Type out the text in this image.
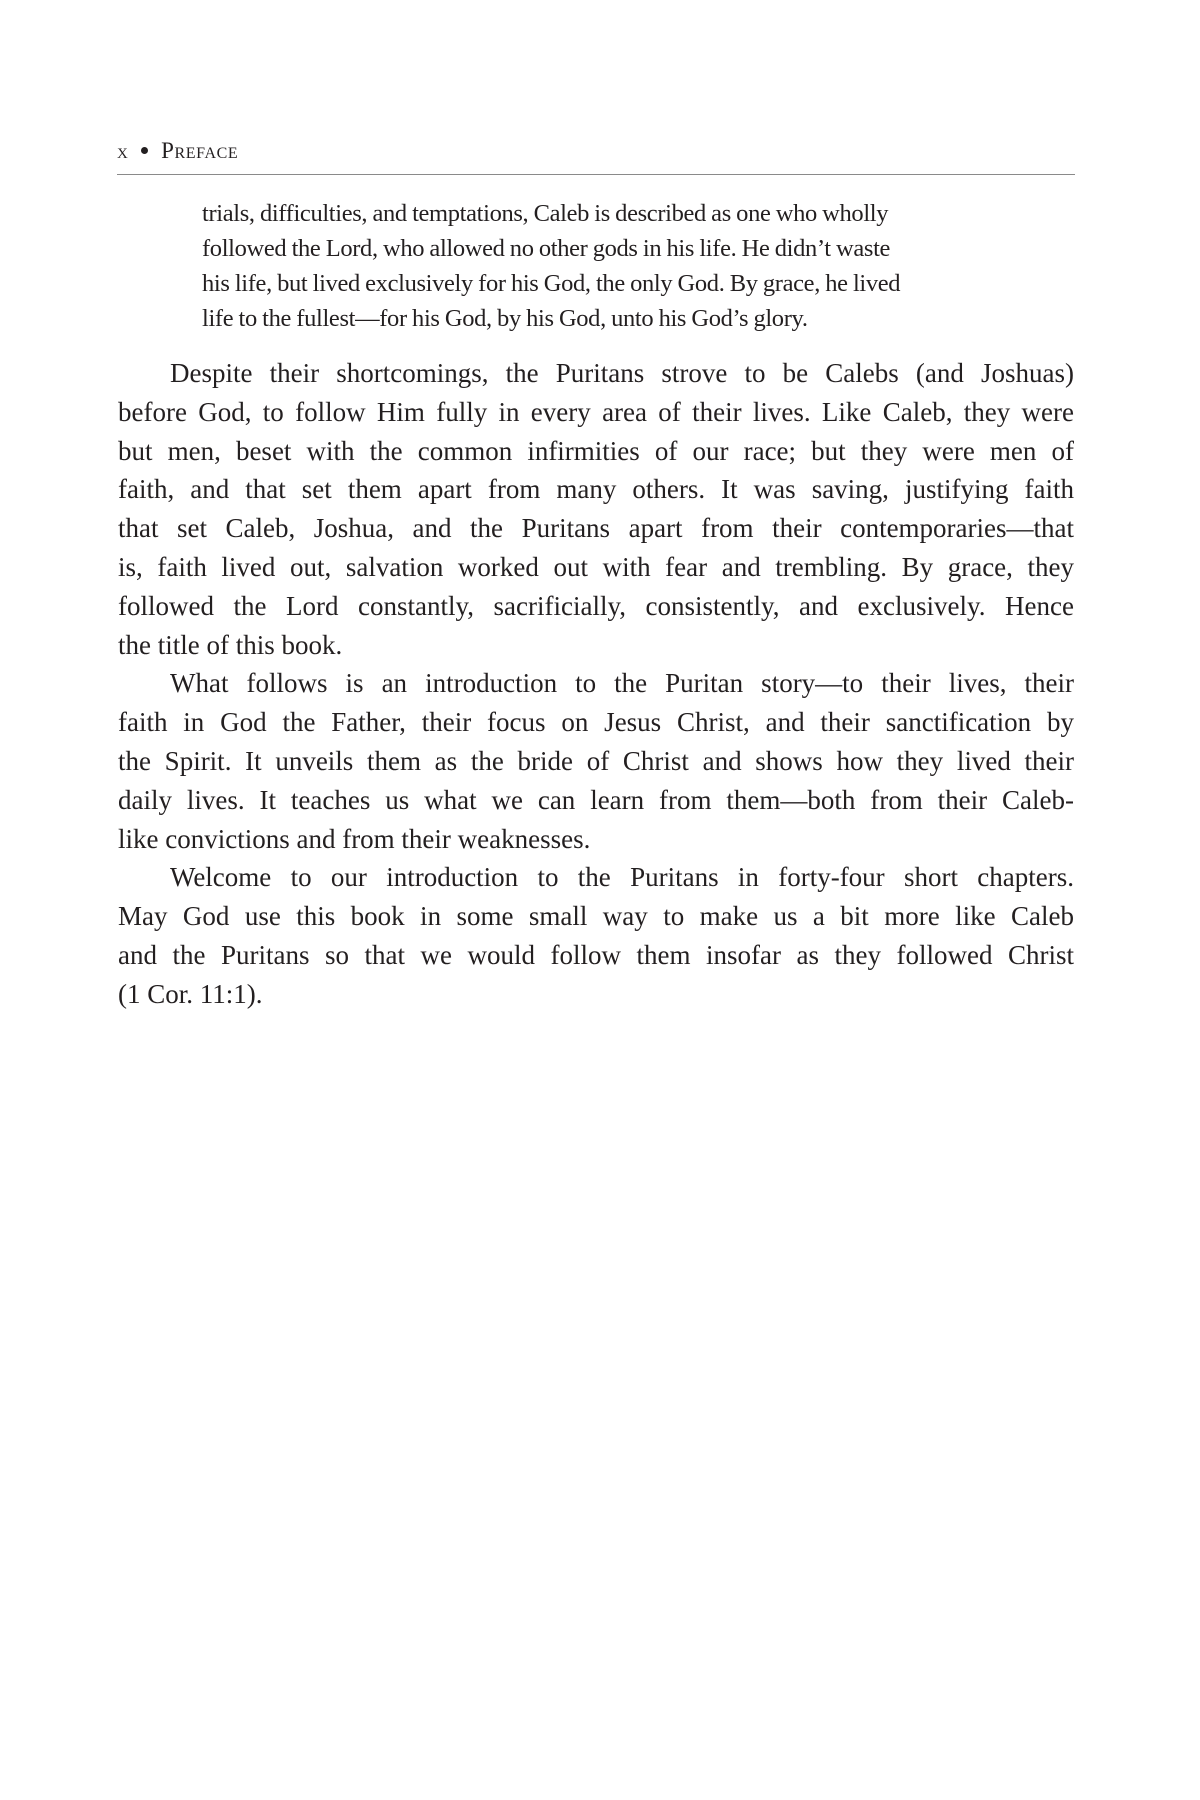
x Preface
trials, difficulties, and temptations, Caleb is described as one who wholly
followed the Lord, who allowed no other gods in his life. He didn’t waste
his life, but lived exclusively for his God, the only God. By grace, he lived
life to the fullest—for his God, by his God, unto his God’s glory.
Despite their shortcomings, the Puritans strove to be Calebs (and Joshuas)
before God, to follow Him fully in every area of their lives. Like Caleb, they were
but men, beset with the common infirmities of our race; but they were men of
faith, and that set them apart from many others. It was saving, justifying faith
that set Caleb, Joshua, and the Puritans apart from their contemporaries—that
is, faith lived out, salvation worked out with fear and trembling. By grace, they
followed the Lord constantly, sacrificially, consistently, and exclusively. Hence
the title of this book.
What follows is an introduction to the Puritan story—to their lives, their
faith in God the Father, their focus on Jesus Christ, and their sanctification by
the Spirit. It unveils them as the bride of Christ and shows how they lived their
daily lives. It teaches us what we can learn from them—both from their Caleb-
like convictions and from their weaknesses.
Welcome to our introduction to the Puritans in forty-four short chapters.
May God use this book in some small way to make us a bit more like Caleb
and the Puritans so that we would follow them insofar as they followed Christ
(1 Cor. 11:1).
